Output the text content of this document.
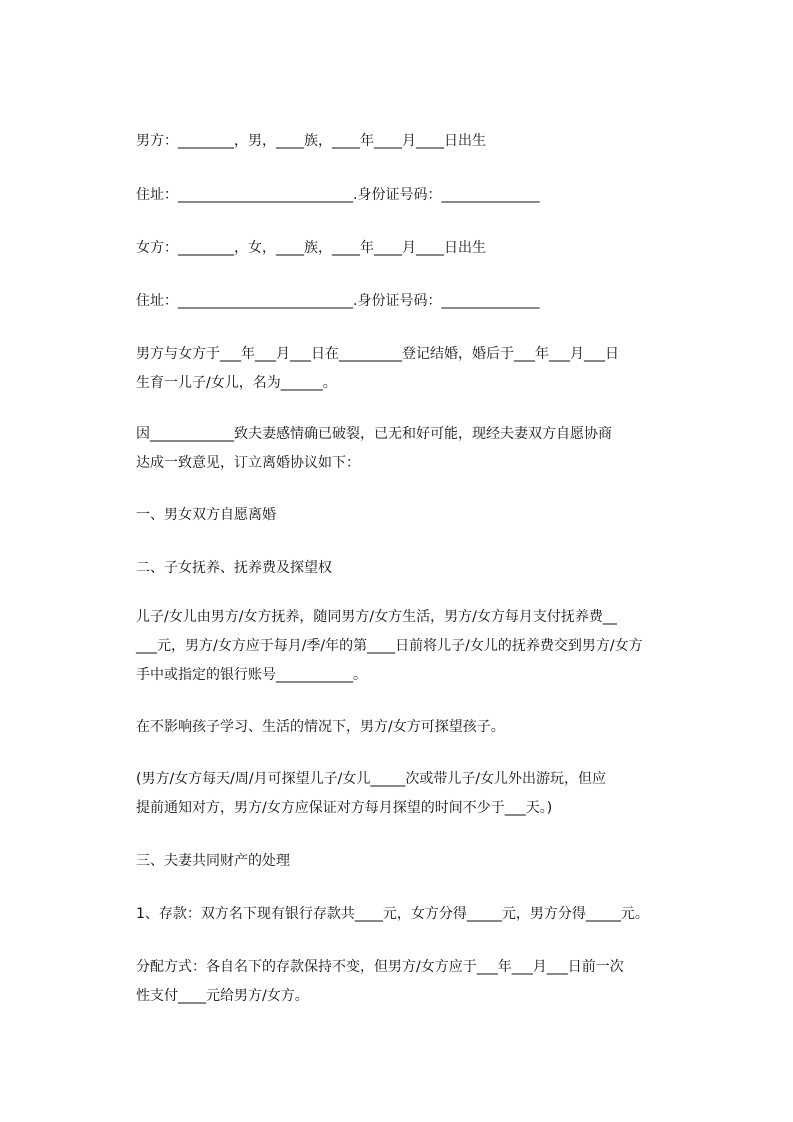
男方：________，男，____族，____年____月____日出生

住址：_________________________.身份证号码：______________

女方：________，女，____族，____年____月____日出生

住址：_________________________.身份证号码：______________

男方与女方于___年___月___日在_________登记结婚，婚后于___年___月___日
生育一儿子/女儿，名为______。
因____________致夫妻感情确已破裂，已无和好可能，现经夫妻双方自愿协商
达成一致意见，订立离婚协议如下：

一、男女双方自愿离婚

二、子女抚养、抚养费及探望权

儿子/女儿由男方/女方抚养，随同男方/女方生活，男方/女方每月支付抚养费__
___元，男方/女方应于每月/季/年的第____日前将儿子/女儿的抚养费交到男方/女方
手中或指定的银行账号___________。

在不影响孩子学习、生活的情况下，男方/女方可探望孩子。

(男方/女方每天/周/月可探望儿子/女儿_____次或带儿子/女儿外出游玩，但应
提前通知对方，男方/女方应保证对方每月探望的时间不少于___天。)

三、夫妻共同财产的处理

1、存款：双方名下现有银行存款共____元，女方分得_____元，男方分得_____元。

分配方式：各自名下的存款保持不变，但男方/女方应于___年___月___日前一次
性支付____元给男方/女方。
